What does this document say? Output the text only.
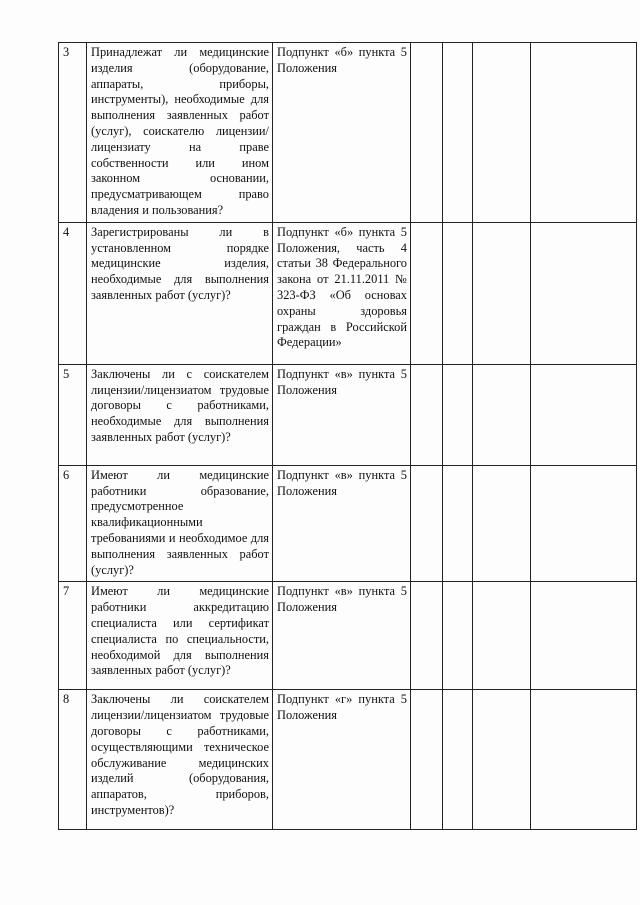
3	Принадлежат ли медицинские изделия (оборудование, аппараты, приборы, инструменты), необходимые для выполнения заявленных работ (услуг), соискателю лицензии/лицензиату на праве собственности или ином законном основании, предусматривающем право владения и пользования?	Подпункт «б» пункта 5 Положения				
4	Зарегистрированы ли в установленном порядке медицинские изделия, необходимые для выполнения заявленных работ (услуг)?	Подпункт «б» пункта 5 Положения, часть 4 статьи 38 Федерального закона от 21.11.2011 № 323-ФЗ «Об основах охраны здоровья граждан в Российской Федерации»				
5	Заключены ли с соискателем лицензии/лицензиатом трудовые договоры с работниками, необходимые для выполнения заявленных работ (услуг)?	Подпункт «в» пункта 5 Положения				
6	Имеют ли медицинские работники образование, предусмотренное квалификационными требованиями и необходимое для выполнения заявленных работ (услуг)?	Подпункт «в» пункта 5 Положения				
7	Имеют ли медицинские работники аккредитацию специалиста или сертификат специалиста по специальности, необходимой для выполнения заявленных работ (услуг)?	Подпункт «в» пункта 5 Положения				
8	Заключены ли соискателем лицензии/лицензиатом трудовые договоры с работниками, осуществляющими техническое обслуживание медицинских изделий (оборудования, аппаратов, приборов, инструментов)?	Подпункт «г» пункта 5 Положения				
